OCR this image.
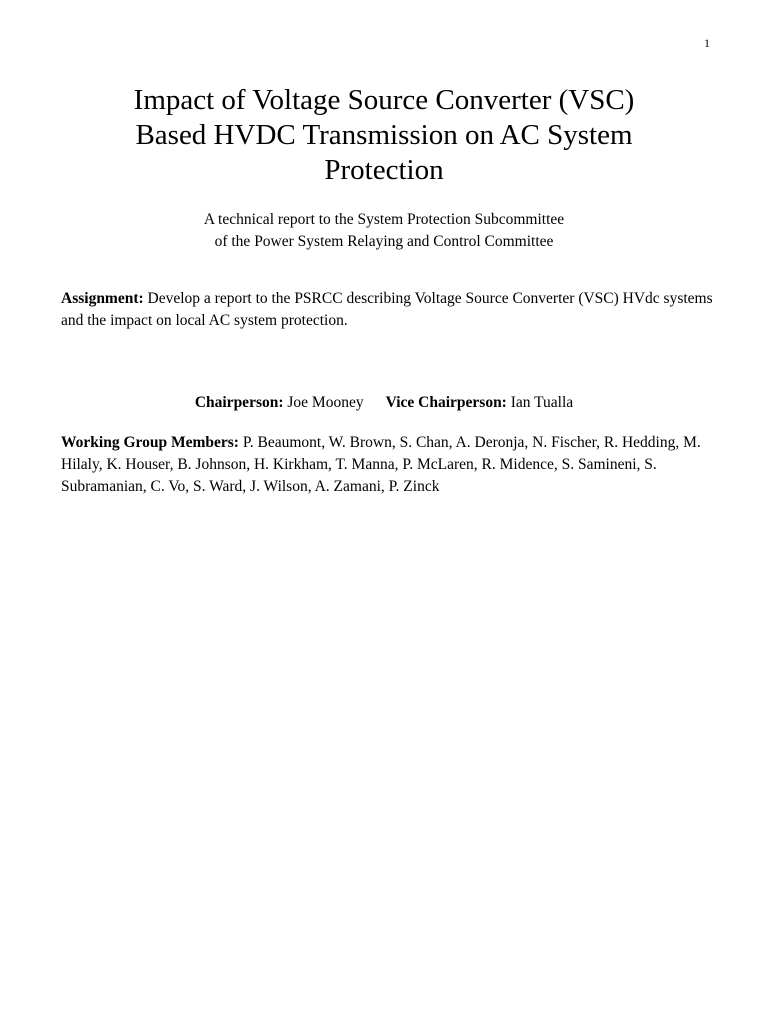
1
Impact of Voltage Source Converter (VSC)
Based HVDC Transmission on AC System
Protection
A technical report to the System Protection Subcommittee
of the Power System Relaying and Control Committee

Assignment: Develop a report to the PSRCC describing Voltage Source Converter (VSC) HVdc systems and the impact on local AC system protection.

Chairperson: Joe Mooney Vice Chairperson: Ian Tualla

Working Group Members: P. Beaumont, W. Brown, S. Chan, A. Deronja, N. Fischer, R. Hedding, M. Hilaly, K. Houser, B. Johnson, H. Kirkham, T. Manna, P. McLaren, R. Midence, S. Samineni, S. Subramanian, C. Vo, S. Ward, J. Wilson, A. Zamani, P. Zinck
